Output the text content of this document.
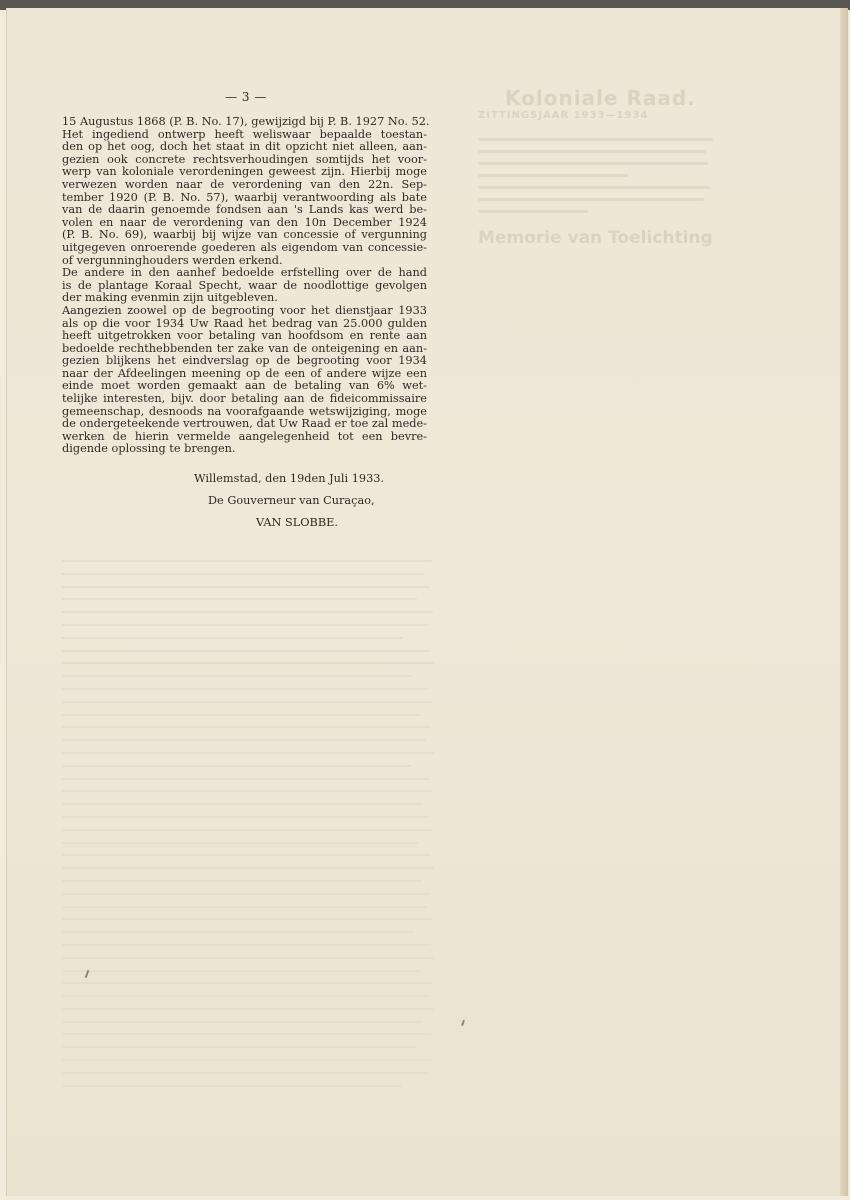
Koloniale Raad.
ZITTINGSJAAR 1933—1934
Memorie van Toelichting
— 3 —
15 Augustus 1868 (P. B. No. 17), gewijzigd bij P. B. 1927 No. 52.
Het ingediend ontwerp heeft weliswaar bepaalde toestan-
den op het oog, doch het staat in dit opzicht niet alleen, aan-
gezien ook concrete rechtsverhoudingen somtijds het voor-
werp van koloniale verordeningen geweest zijn. Hierbij moge
verwezen worden naar de verordening van den 22n. Sep-
tember 1920 (P. B. No. 57), waarbij verantwoording als bate
van de daarin genoemde fondsen aan 's Lands kas werd be-
volen en naar de verordening van den 10n December 1924
(P. B. No. 69), waarbij bij wijze van concessie of vergunning
uitgegeven onroerende goederen als eigendom van concessie-
of vergunninghouders werden erkend.
De andere in den aanhef bedoelde erfstelling over de hand
is de plantage Koraal Specht, waar de noodlottige gevolgen
der making evenmin zijn uitgebleven.
Aangezien zoowel op de begrooting voor het dienstjaar 1933
als op die voor 1934 Uw Raad het bedrag van 25.000 gulden
heeft uitgetrokken voor betaling van hoofdsom en rente aan
bedoelde rechthebbenden ter zake van de onteigening en aan-
gezien blijkens het eindverslag op de begrooting voor 1934
naar der Afdeelingen meening op de een of andere wijze een
einde moet worden gemaakt aan de betaling van 6% wet-
telijke interesten, bijv. door betaling aan de fideicommissaire
gemeenschap, desnoods na voorafgaande wetswijziging, moge
de ondergeteekende vertrouwen, dat Uw Raad er toe zal mede-
werken de hierin vermelde aangelegenheid tot een bevre-
digende oplossing te brengen.
Willemstad, den 19den Juli 1933.
De Gouverneur van Curaçao,
VAN SLOBBE.
